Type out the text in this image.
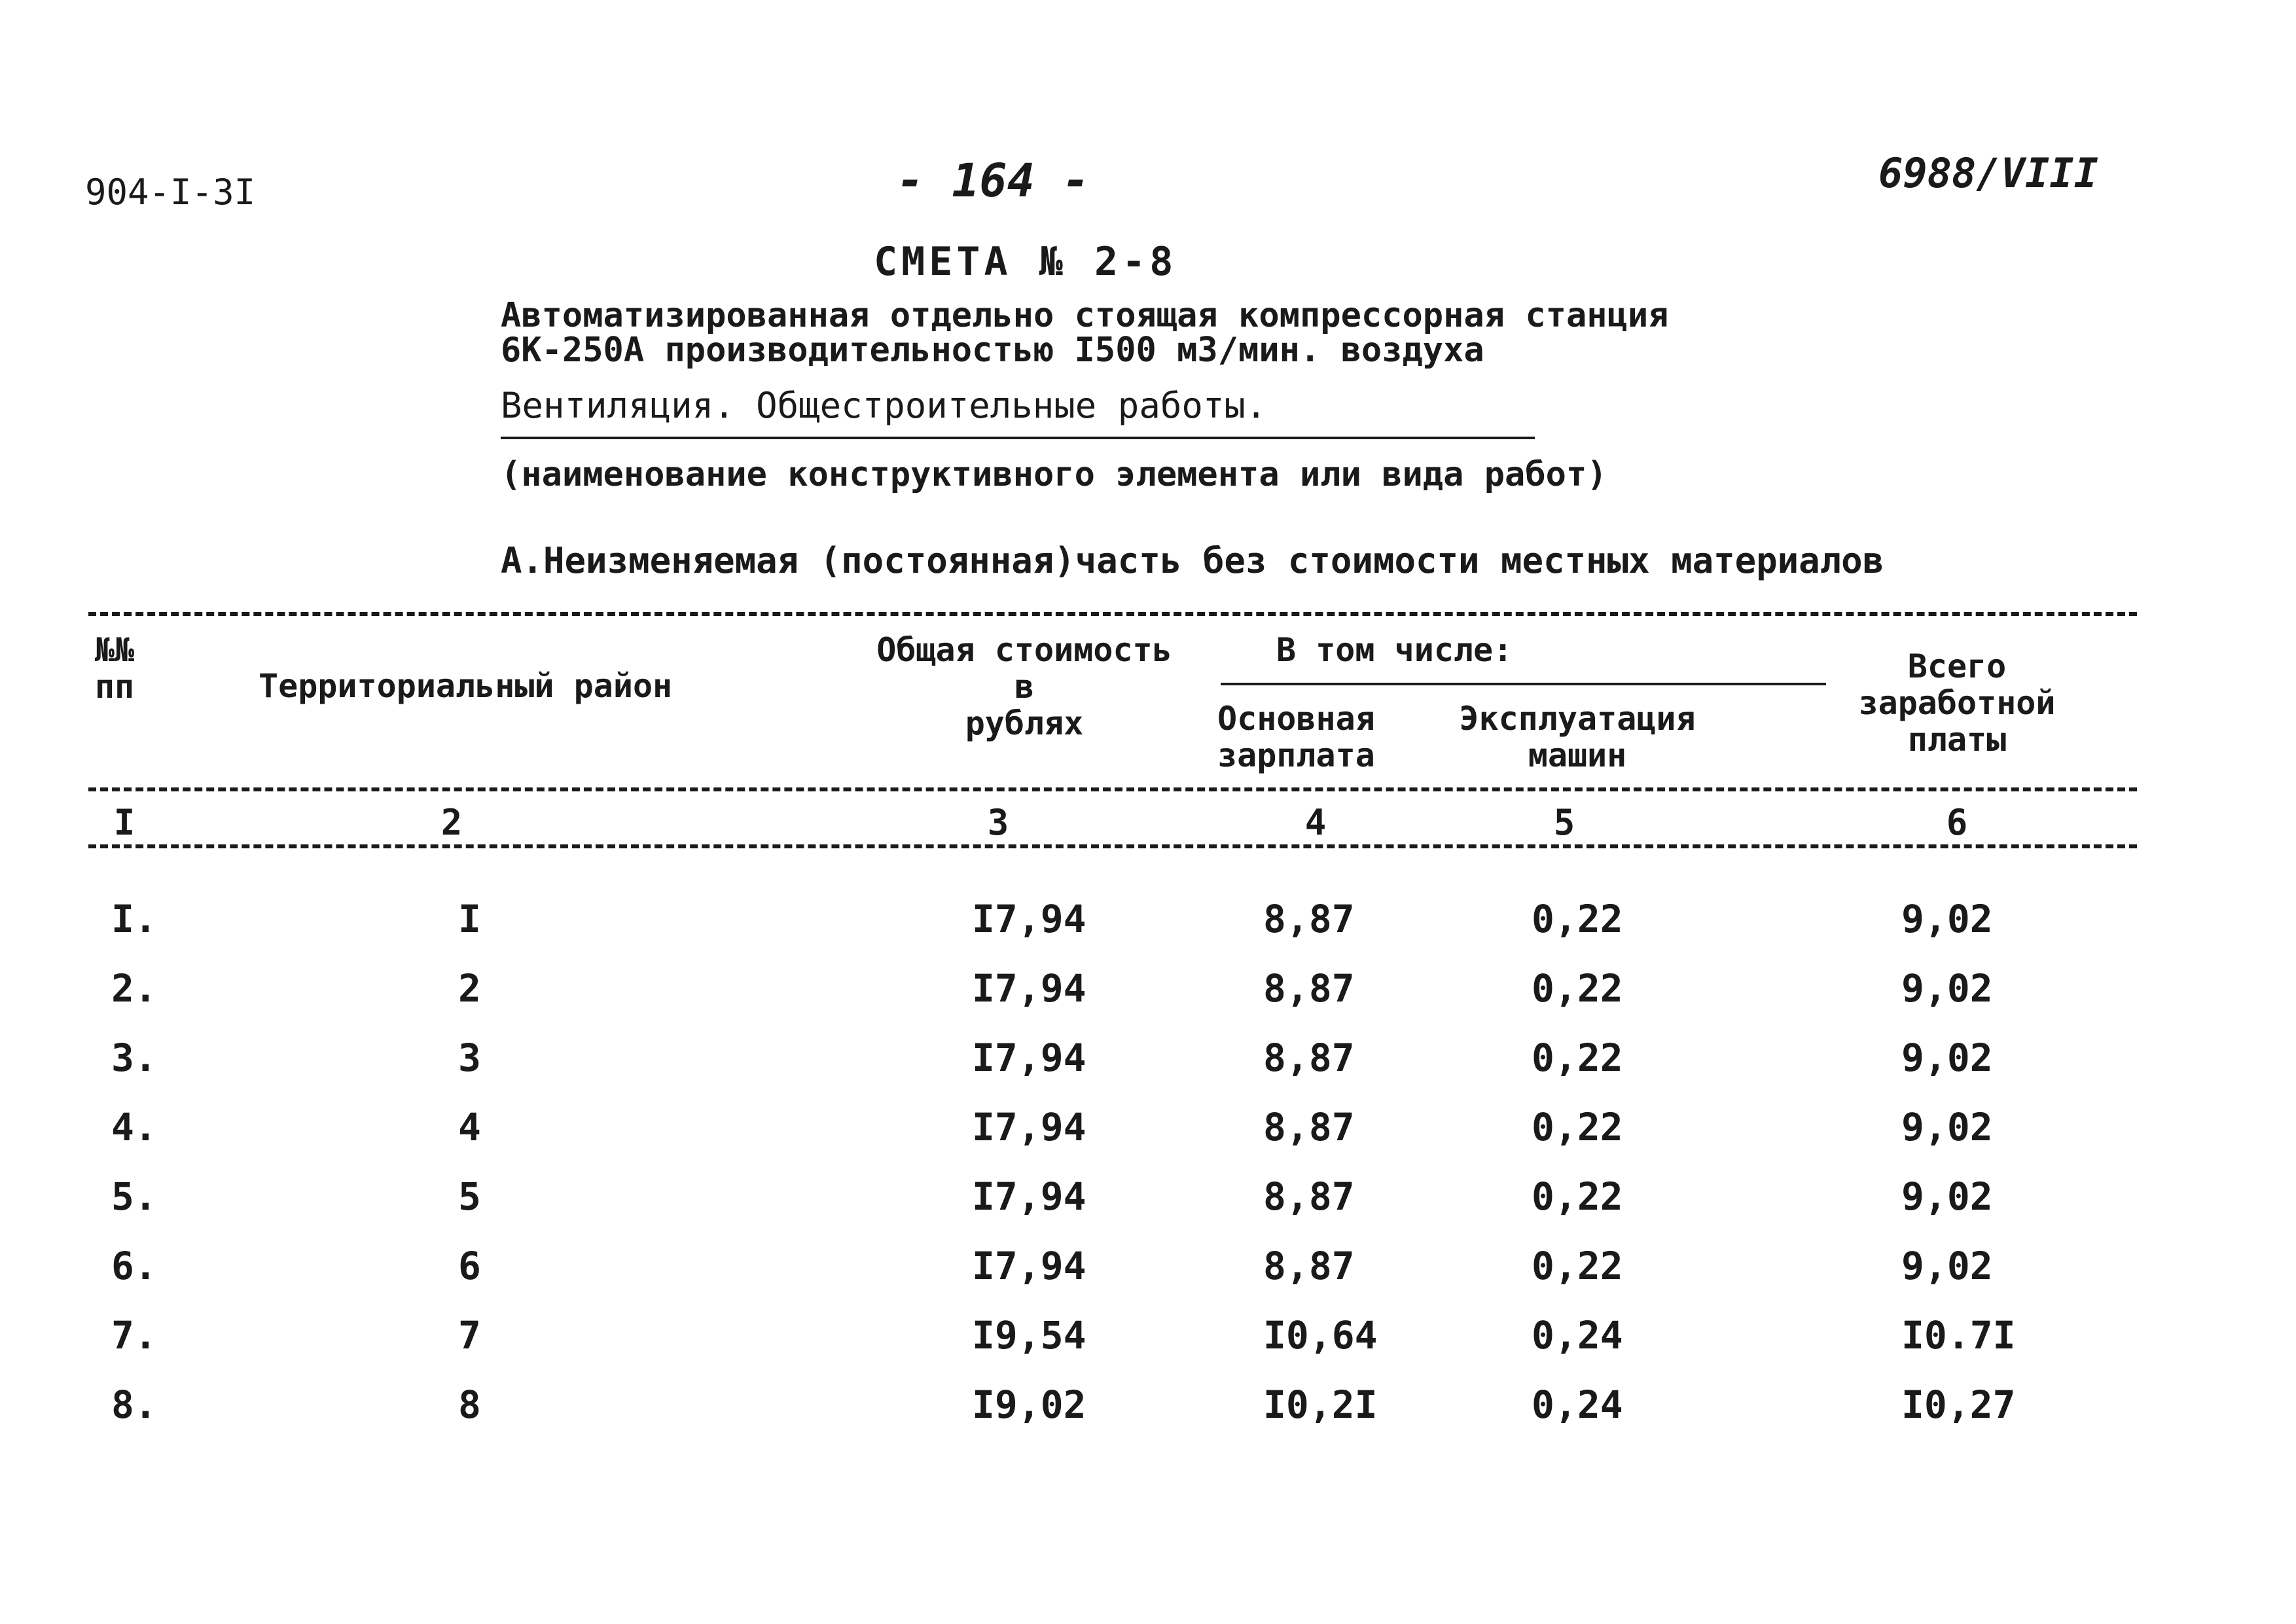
904-I-3I	- 164 -	6988/VIII
СМЕТА № 2-8
Автоматизированная отдельно стоящая компрессорная станция
6К-250А производительностью I500 м3/мин. воздуха
Вентиляция. Общестроительные работы.
(наименование конструктивного элемента или вида работ)
А.Неизменяемая (постоянная)часть без стоимости местных материалов
№№
пп	Территориальный район
Общая стоимость
в
рублях
В том числе:
Основная
зарплата
Эксплуатация
машин
Всего
заработной
платы
I	2	3	4	5	6
I.	I	I7,94	8,87	0,22	9,02
2.	2	I7,94	8,87	0,22	9,02
3.	3	I7,94	8,87	0,22	9,02
4.	4	I7,94	8,87	0,22	9,02
5.	5	I7,94	8,87	0,22	9,02
6.	6	I7,94	8,87	0,22	9,02
7.	7	I9,54	I0,64	0,24	I0.7I
8.	8	I9,02	I0,2I	0,24	I0,27
